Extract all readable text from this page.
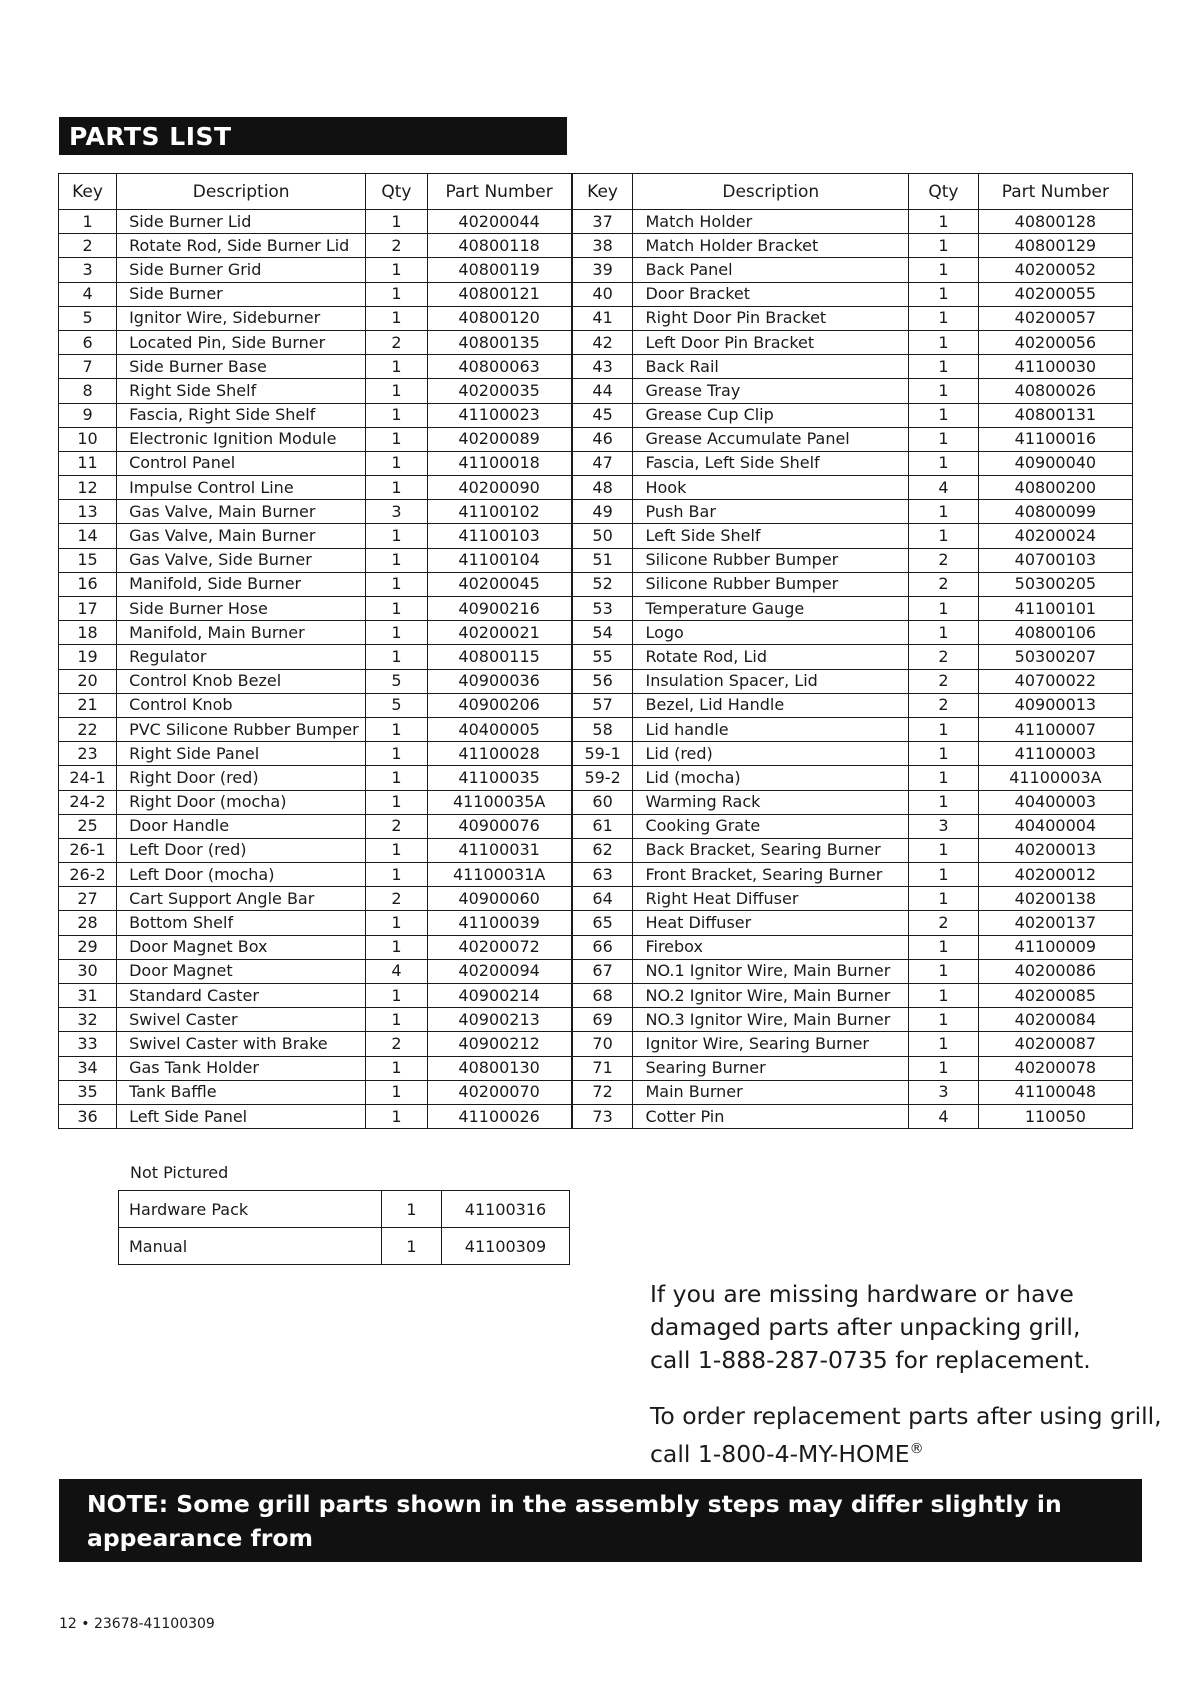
PARTS LIST
Key	Description	Qty	Part Number	Key	Description	Qty	Part Number
1	Side Burner Lid	1	40200044	37	Match Holder	1	40800128
2	Rotate Rod, Side Burner Lid	2	40800118	38	Match Holder Bracket	1	40800129
3	Side Burner Grid	1	40800119	39	Back Panel	1	40200052
4	Side Burner	1	40800121	40	Door Bracket	1	40200055
5	Ignitor Wire, Sideburner	1	40800120	41	Right Door Pin Bracket	1	40200057
6	Located Pin, Side Burner	2	40800135	42	Left Door Pin Bracket	1	40200056
7	Side Burner Base	1	40800063	43	Back Rail	1	41100030
8	Right Side Shelf	1	40200035	44	Grease Tray	1	40800026
9	Fascia, Right Side Shelf	1	41100023	45	Grease Cup Clip	1	40800131
10	Electronic Ignition Module	1	40200089	46	Grease Accumulate Panel	1	41100016
11	Control Panel	1	41100018	47	Fascia, Left Side Shelf	1	40900040
12	Impulse Control Line	1	40200090	48	Hook	4	40800200
13	Gas Valve, Main Burner	3	41100102	49	Push Bar	1	40800099
14	Gas Valve, Main Burner	1	41100103	50	Left Side Shelf	1	40200024
15	Gas Valve, Side Burner	1	41100104	51	Silicone Rubber Bumper	2	40700103
16	Manifold, Side Burner	1	40200045	52	Silicone Rubber Bumper	2	50300205
17	Side Burner Hose	1	40900216	53	Temperature Gauge	1	41100101
18	Manifold, Main Burner	1	40200021	54	Logo	1	40800106
19	Regulator	1	40800115	55	Rotate Rod, Lid	2	50300207
20	Control Knob Bezel	5	40900036	56	Insulation Spacer, Lid	2	40700022
21	Control Knob	5	40900206	57	Bezel, Lid Handle	2	40900013
22	PVC Silicone Rubber Bumper	1	40400005	58	Lid handle	1	41100007
23	Right Side Panel	1	41100028	59-1	Lid (red)	1	41100003
24-1	Right Door (red)	1	41100035	59-2	Lid (mocha)	1	41100003A
24-2	Right Door (mocha)	1	41100035A	60	Warming Rack	1	40400003
25	Door Handle	2	40900076	61	Cooking Grate	3	40400004
26-1	Left Door (red)	1	41100031	62	Back Bracket, Searing Burner	1	40200013
26-2	Left Door (mocha)	1	41100031A	63	Front Bracket, Searing Burner	1	40200012
27	Cart Support Angle Bar	2	40900060	64	Right Heat Diffuser	1	40200138
28	Bottom Shelf	1	41100039	65	Heat Diffuser	2	40200137
29	Door Magnet Box	1	40200072	66	Firebox	1	41100009
30	Door Magnet	4	40200094	67	NO.1 Ignitor Wire, Main Burner	1	40200086
31	Standard Caster	1	40900214	68	NO.2 Ignitor Wire, Main Burner	1	40200085
32	Swivel Caster	1	40900213	69	NO.3 Ignitor Wire, Main Burner	1	40200084
33	Swivel Caster with Brake	2	40900212	70	Ignitor Wire, Searing Burner	1	40200087
34	Gas Tank Holder	1	40800130	71	Searing Burner	1	40200078
35	Tank Baffle	1	40200070	72	Main Burner	3	41100048
36	Left Side Panel	1	41100026	73	Cotter Pin	4	110050
Not Pictured
Hardware Pack	1	41100316
Manual	1	41100309
If you are missing hardware or have
damaged parts after unpacking grill,
call 1-888-287-0735 for replacement.
To order replacement parts after using grill,
call 1-800-4-MY-HOME®
NOTE: Some grill parts shown in the assembly steps may differ slightly in appearance from
those on your particular grill model. However, the method of assembly remains the same.
12 • 23678-41100309
